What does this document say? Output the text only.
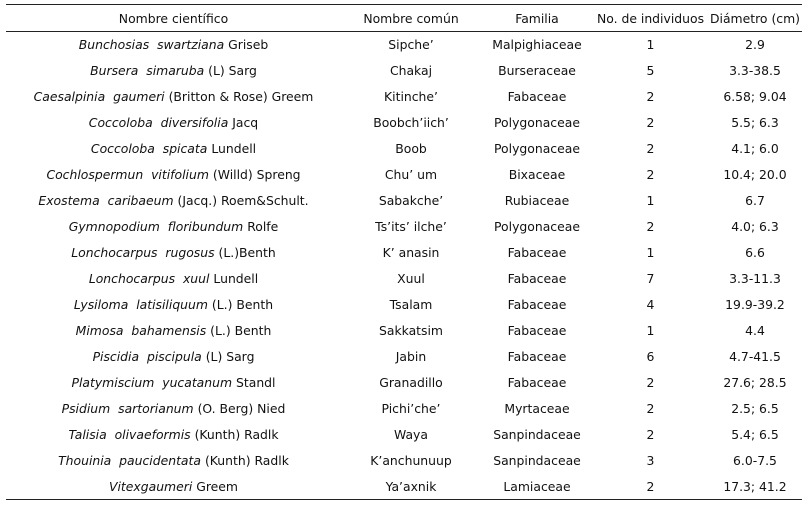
Nombre científico	Nombre común	Familia	No. de individuos	Diámetro (cm)
Bunchosias swartziana Griseb	Sipche’	Malpighiaceae	1	2.9
Bursera simaruba (L) Sarg	Chakaj	Burseraceae	5	3.3-38.5
Caesalpinia gaumeri (Britton & Rose) Greem	Kitinche’	Fabaceae	2	6.58; 9.04
Coccoloba diversifolia Jacq	Boobch’iich’	Polygonaceae	2	5.5; 6.3
Coccoloba spicata Lundell	Boob	Polygonaceae	2	4.1; 6.0
Cochlospermun vitifolium (Willd) Spreng	Chu’ um	Bixaceae	2	10.4; 20.0
Exostema caribaeum (Jacq.) Roem&Schult.	Sabakche’	Rubiaceae	1	6.7
Gymnopodium floribundum Rolfe	Ts’its’ ilche’	Polygonaceae	2	4.0; 6.3
Lonchocarpus rugosus (L.)Benth	K’ anasin	Fabaceae	1	6.6
Lonchocarpus xuul Lundell	Xuul	Fabaceae	7	3.3-11.3
Lysiloma latisiliquum (L.) Benth	Tsalam	Fabaceae	4	19.9-39.2
Mimosa bahamensis (L.) Benth	Sakkatsim	Fabaceae	1	4.4
Piscidia piscipula (L) Sarg	Jabin	Fabaceae	6	4.7-41.5
Platymiscium yucatanum Standl	Granadillo	Fabaceae	2	27.6; 28.5
Psidium sartorianum (O. Berg) Nied	Pichi’che’	Myrtaceae	2	2.5; 6.5
Talisia olivaeformis (Kunth) Radlk	Waya	Sanpindaceae	2	5.4; 6.5
Thouinia paucidentata (Kunth) Radlk	K’anchunuup	Sanpindaceae	3	6.0-7.5
Vitexgaumeri Greem	Ya’axnik	Lamiaceae	2	17.3; 41.2
